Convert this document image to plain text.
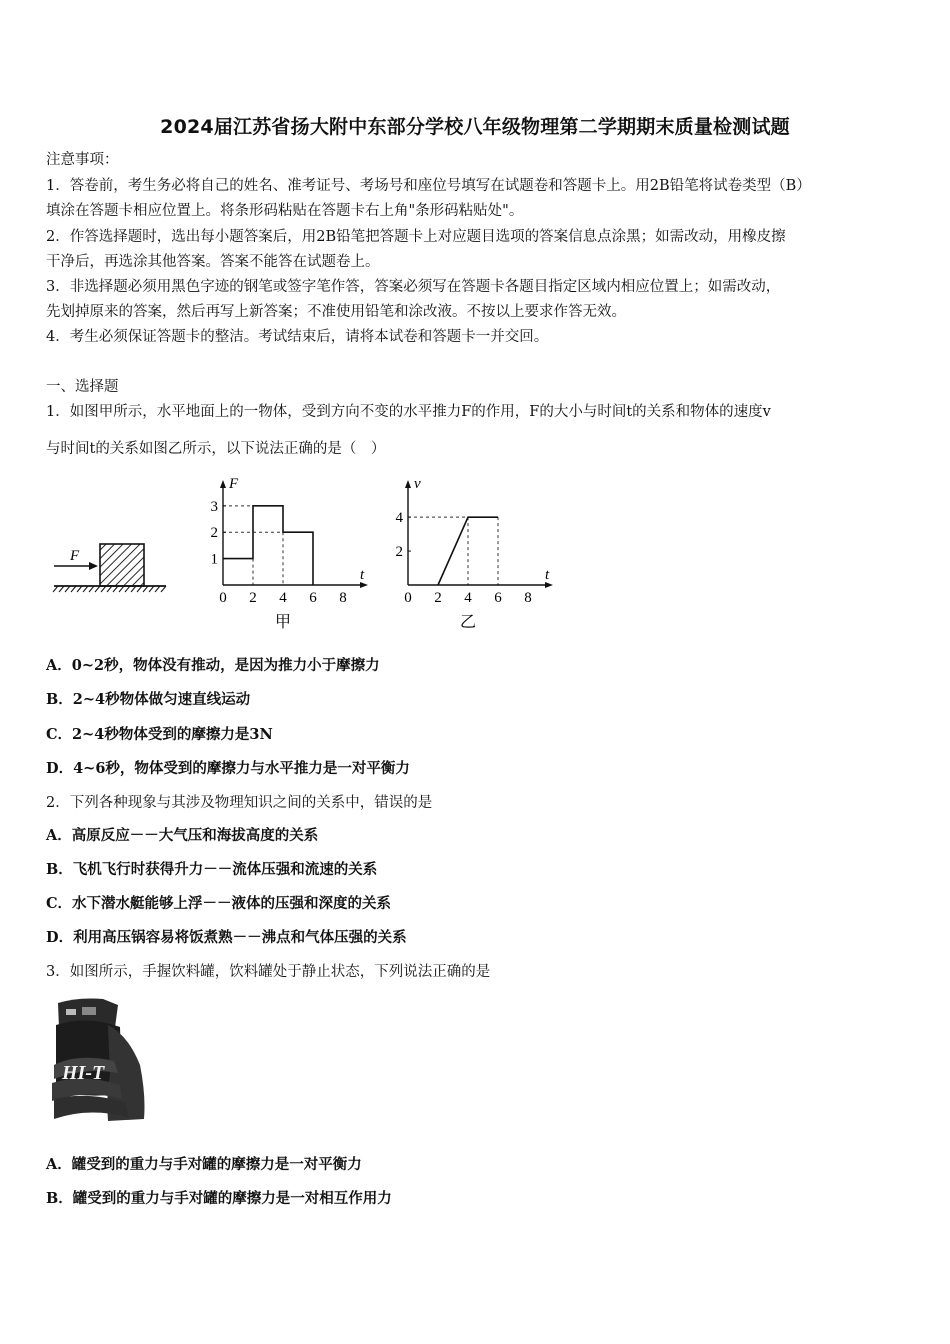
2024届江苏省扬大附中东部分学校八年级物理第二学期期末质量检测试题
注意事项：
1．答卷前，考生务必将自己的姓名、准考证号、考场号和座位号填写在试题卷和答题卡上。用2B铅笔将试卷类型（B）
填涂在答题卡相应位置上。将条形码粘贴在答题卡右上角"条形码粘贴处"。
2．作答选择题时，选出每小题答案后，用2B铅笔把答题卡上对应题目选项的答案信息点涂黑；如需改动，用橡皮擦
干净后，再选涂其他答案。答案不能答在试题卷上。
3．非选择题必须用黑色字迹的钢笔或签字笔作答，答案必须写在答题卡各题目指定区域内相应位置上；如需改动，
先划掉原来的答案，然后再写上新答案；不准使用铅笔和涂改液。不按以上要求作答无效。
4．考生必须保证答题卡的整洁。考试结束后，请将本试卷和答题卡一并交回。
一、选择题
1．如图甲所示，水平地面上的一物体，受到方向不变的水平推力F的作用，F的大小与时间t的关系和物体的速度v
与时间t的关系如图乙所示，以下说法正确的是（　）
F
0 2 4 6 8
1
2
3
F
t
甲
0 2 4 6 8
2
4
v
t
乙
A．0~2秒，物体没有推动，是因为推力小于摩擦力
B．2~4秒物体做匀速直线运动
C．2~4秒物体受到的摩擦力是3N
D．4~6秒，物体受到的摩擦力与水平推力是一对平衡力
2．下列各种现象与其涉及物理知识之间的关系中，错误的是
A．高原反应－－大气压和海拔高度的关系
B．飞机飞行时获得升力－－流体压强和流速的关系
C．水下潜水艇能够上浮－－液体的压强和深度的关系
D．利用高压锅容易将饭煮熟－－沸点和气体压强的关系
3．如图所示，手握饮料罐，饮料罐处于静止状态，下列说法正确的是
HI-T
A．罐受到的重力与手对罐的摩擦力是一对平衡力
B．罐受到的重力与手对罐的摩擦力是一对相互作用力
